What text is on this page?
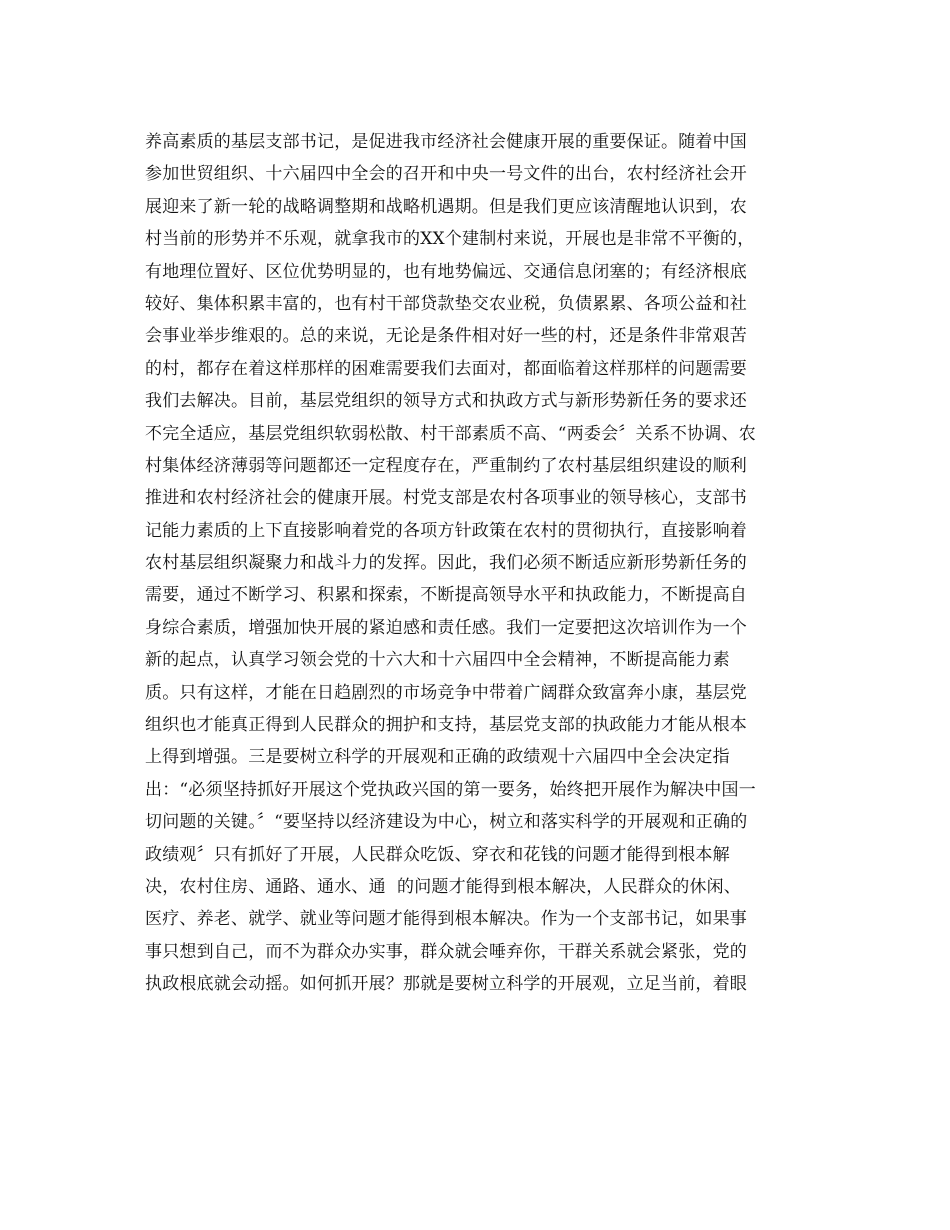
养高素质的基层支部书记，是促进我市经济社会健康开展的重要保证。随着中国
参加世贸组织、十六届四中全会的召开和中央一号文件的出台，农村经济社会开
展迎来了新一轮的战略调整期和战略机遇期。但是我们更应该清醒地认识到，农
村当前的形势并不乐观，就拿我市的XX个建制村来说，开展也是非常不平衡的，
有地理位置好、区位优势明显的，也有地势偏远、交通信息闭塞的；有经济根底
较好、集体积累丰富的，也有村干部贷款垫交农业税，负债累累、各项公益和社
会事业举步维艰的。总的来说，无论是条件相对好一些的村，还是条件非常艰苦
的村，都存在着这样那样的困难需要我们去面对，都面临着这样那样的问题需要
我们去解决。目前，基层党组织的领导方式和执政方式与新形势新任务的要求还
不完全适应，基层党组织软弱松散、村干部素质不高、“两委会〞关系不协调、农
村集体经济薄弱等问题都还一定程度存在，严重制约了农村基层组织建设的顺利
推进和农村经济社会的健康开展。村党支部是农村各项事业的领导核心，支部书
记能力素质的上下直接影响着党的各项方针政策在农村的贯彻执行，直接影响着
农村基层组织凝聚力和战斗力的发挥。因此，我们必须不断适应新形势新任务的
需要，通过不断学习、积累和探索，不断提高领导水平和执政能力，不断提高自
身综合素质，增强加快开展的紧迫感和责任感。我们一定要把这次培训作为一个
新的起点，认真学习领会党的十六大和十六届四中全会精神，不断提高能力素
质。只有这样，才能在日趋剧烈的市场竞争中带着广阔群众致富奔小康，基层党
组织也才能真正得到人民群众的拥护和支持，基层党支部的执政能力才能从根本
上得到增强。三是要树立科学的开展观和正确的政绩观十六届四中全会决定指
出：“必须坚持抓好开展这个党执政兴国的第一要务，始终把开展作为解决中国一
切问题的关键。〞“要坚持以经济建设为中心，树立和落实科学的开展观和正确的
政绩观〞只有抓好了开展，人民群众吃饭、穿衣和花钱的问题才能得到根本解
决，农村住房、通路、通水、通  的问题才能得到根本解决，人民群众的休闲、
医疗、养老、就学、就业等问题才能得到根本解决。作为一个支部书记，如果事
事只想到自己，而不为群众办实事，群众就会唾弃你，干群关系就会紧张，党的
执政根底就会动摇。如何抓开展？那就是要树立科学的开展观，立足当前，着眼
